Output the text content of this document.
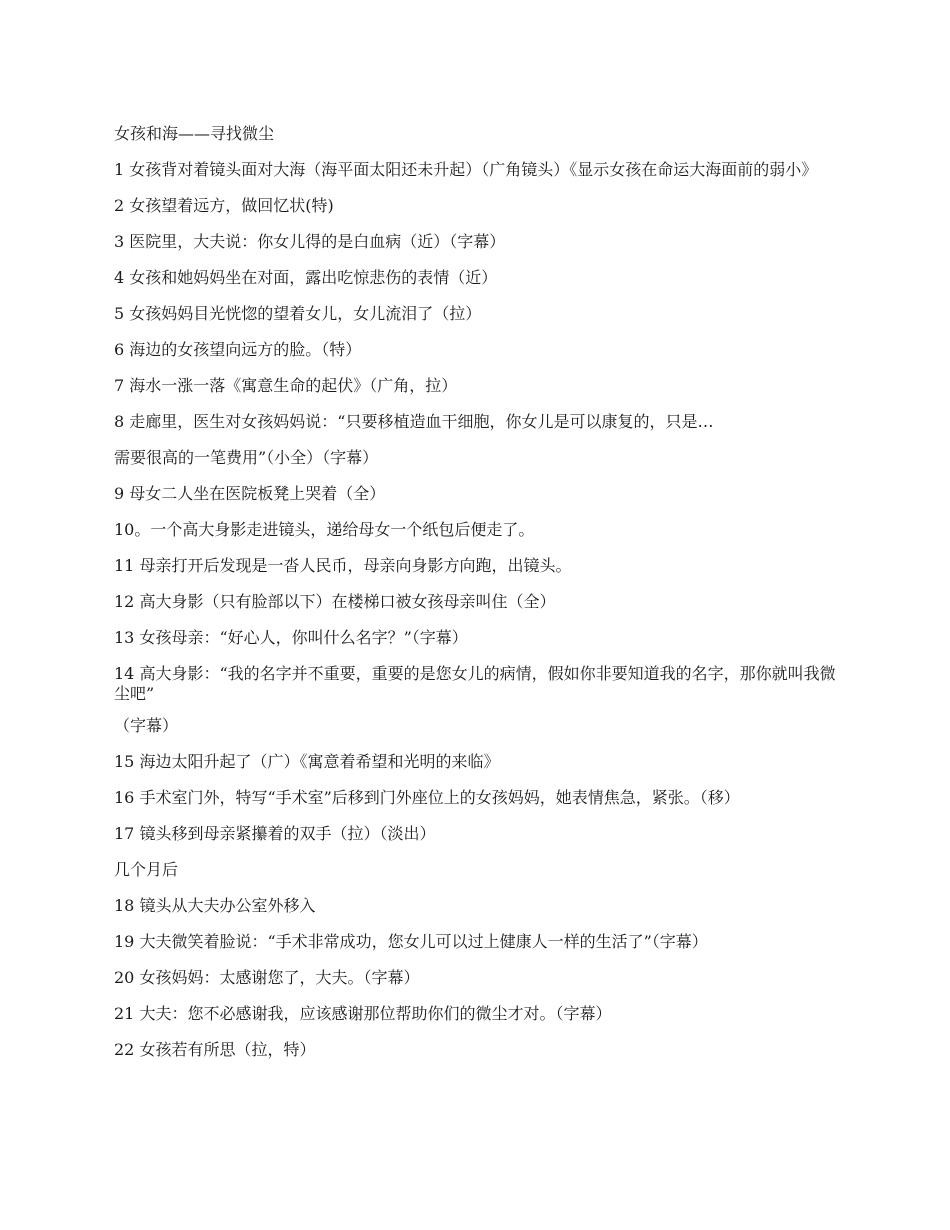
女孩和海——寻找微尘
1 女孩背对着镜头面对大海（海平面太阳还未升起）（广角镜头）《显示女孩在命运大海面前的弱小》
2 女孩望着远方，做回忆状(特)
3 医院里，大夫说：你女儿得的是白血病（近）（字幕）
4 女孩和她妈妈坐在对面，露出吃惊悲伤的表情（近）
5 女孩妈妈目光恍惚的望着女儿，女儿流泪了（拉）
6 海边的女孩望向远方的脸。（特）
7 海水一涨一落《寓意生命的起伏》（广角，拉）
8 走廊里，医生对女孩妈妈说：“只要移植造血干细胞，你女儿是可以康复的，只是…
需要很高的一笔费用”（小全）（字幕）
9 母女二人坐在医院板凳上哭着（全）
10。一个高大身影走进镜头，递给母女一个纸包后便走了。
11 母亲打开后发现是一沓人民币，母亲向身影方向跑，出镜头。
12 高大身影（只有脸部以下）在楼梯口被女孩母亲叫住（全）
13 女孩母亲：“好心人，你叫什么名字？”（字幕）
14 高大身影：“我的名字并不重要，重要的是您女儿的病情，假如你非要知道我的名字，那你就叫我微尘吧”
（字幕）
15 海边太阳升起了（广）《寓意着希望和光明的来临》
16 手术室门外，特写“手术室”后移到门外座位上的女孩妈妈，她表情焦急，紧张。（移）
17 镜头移到母亲紧攥着的双手（拉）（淡出）
几个月后
18 镜头从大夫办公室外移入
19 大夫微笑着脸说：“手术非常成功，您女儿可以过上健康人一样的生活了”（字幕）
20 女孩妈妈：太感谢您了，大夫。（字幕）
21 大夫：您不必感谢我，应该感谢那位帮助你们的微尘才对。（字幕）
22 女孩若有所思（拉，特）
